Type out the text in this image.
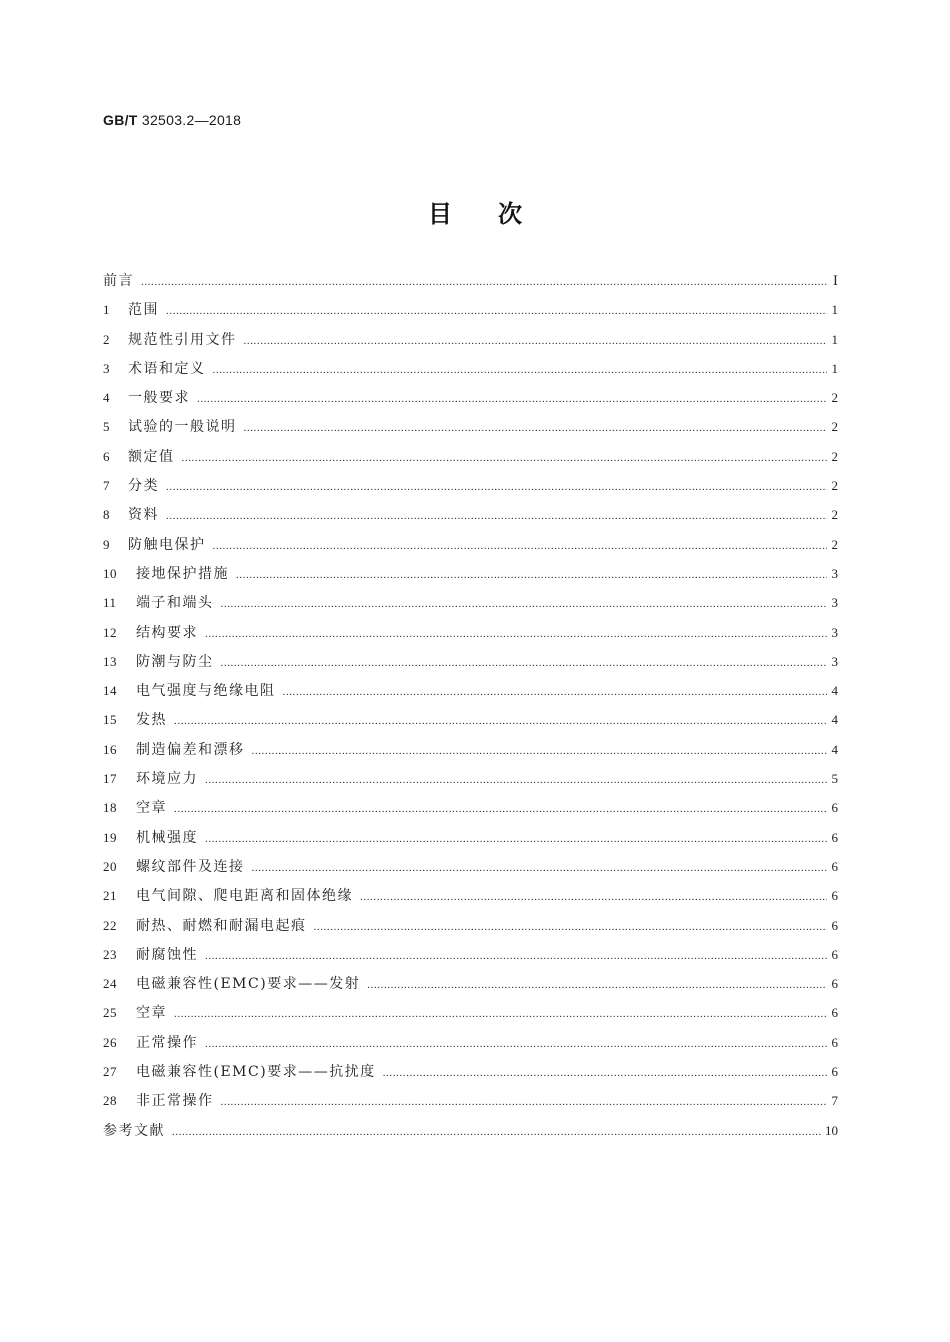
GB/T 32503.2—2018
目次
前言 .....	Ⅰ
1	范围 .....	1
2	规范性引用文件 .....	1
3	术语和定义 .....	1
4	一般要求 .....	2
5	试验的一般说明 .....	2
6	额定值 .....	2
7	分类 .....	2
8	资料 .....	2
9	防触电保护 .....	2
10	接地保护措施 .....	3
11	端子和端头 .....	3
12	结构要求 .....	3
13	防潮与防尘 .....	3
14	电气强度与绝缘电阻 .....	4
15	发热 .....	4
16	制造偏差和漂移 .....	4
17	环境应力 .....	5
18	空章 .....	6
19	机械强度 .....	6
20	螺纹部件及连接 .....	6
21	电气间隙、爬电距离和固体绝缘 .....	6
22	耐热、耐燃和耐漏电起痕 .....	6
23	耐腐蚀性 .....	6
24	电磁兼容性(EMC)要求——发射 .....	6
25	空章 .....	6
26	正常操作 .....	6
27	电磁兼容性(EMC)要求——抗扰度 .....	6
28	非正常操作 .....	7
参考文献 .....	10
